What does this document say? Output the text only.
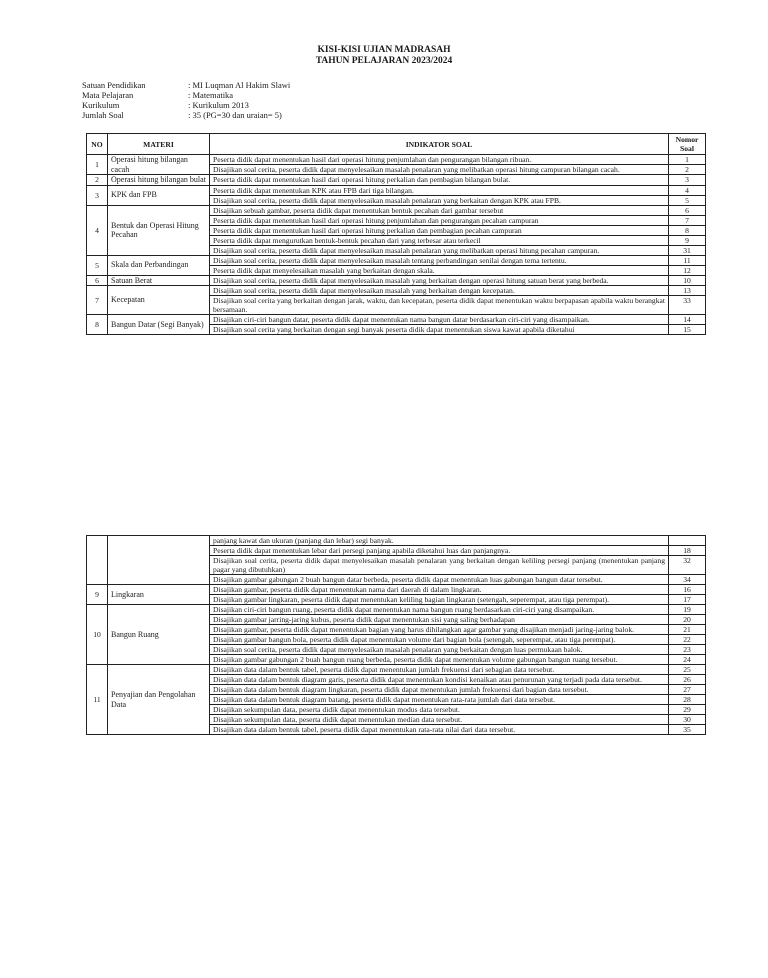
KISI-KISI UJIAN MADRASAH
TAHUN PELAJARAN 2023/2024
Satuan Pendidikan	: MI Luqman Al Hakim Slawi
Mata Pelajaran	: Matematika
Kurikulum	: Kurikulum 2013
Jumlah Soal	: 35 (PG=30 dan uraian= 5)
NO	MATERI	INDIKATOR SOAL	Nomor Soal
1	Operasi hitung bilangan cacah	Peserta didik dapat menentukan hasil dari operasi hitung penjumlahan dan pengurangan bilangan ribuan.	1
		Disajikan soal cerita, peserta didik dapat menyelesaikan masalah penalaran yang melibatkan operasi hitung campuran bilangan cacah.	2
2	Operasi hitung bilangan bulat	Peserta didik dapat menentukan hasil dari operasi hitung perkalian dan pembagian bilangan bulat.	3
3	KPK dan FPB	Peserta didik dapat menentukan KPK atau FPB dari tiga bilangan.	4
		Disajikan soal cerita, peserta didik dapat menyelesaikan masalah penalaran yang berkaitan dengan KPK atau FPB.	5
4	Bentuk dan Operasi Hitung Pecahan	Disajikan sebuah gambar, peserta didik dapat menentukan bentuk pecahan dari gambar tersebut	6
		Peserta didik dapat menentukan hasil dari operasi hitung penjumlahan dan pengurangan pecahan campuran	7
		Peserta didik dapat menentukan hasil dari operasi hitung perkalian dan pembagian pecahan campuran	8
		Peserta didik dapat mengurutkan bentuk-bentuk pecahan dari yang terbesar atau terkecil	9
		Disajikan soal cerita, peserta didik dapat menyelesaikan masalah penalaran yang melibatkan operasi hitung pecahan campuran.	31
5	Skala dan Perbandingan	Disajikan soal cerita, peserta didik dapat menyelesaikan masalah tentang perbandingan senilai dengan tema tertentu.	11
		Peserta didik dapat menyelesaikan masalah yang berkaitan dengan skala.	12
6	Satuan Berat	Disajikan soal cerita, peserta didik dapat menyelesaikan masalah yang berkaitan dengan operasi hitung satuan berat yang berbeda.	10
7	Kecepatan	Disajikan soal cerita, peserta didik dapat menyelesaikan masalah yang berkaitan dengan kecepatan.	13
		Disajikan soal cerita yang berkaitan dengan jarak, waktu, dan kecepatan, peserta didik dapat menentukan waktu berpapasan apabila waktu berangkat bersamaan.	33
8	Bangun Datar (Segi Banyak)	Disajikan ciri-ciri bangun datar, peserta didik dapat menentukan nama bangun datar berdasarkan ciri-ciri yang disampaikan.	14
		Disajikan soal cerita yang berkaitan dengan segi banyak peserta didik dapat menentukan siswa kawat apabila diketahui	15
		panjang kawat dan ukuran (panjang dan lebar) segi banyak.	
		Peserta didik dapat menentukan lebar dari persegi panjang apabila diketahui luas dan panjangnya.	18
		Disajikan soal cerita, peserta didik dapat menyelesaikan masalah penalaran yang berkaitan dengan keliling persegi panjang (menentukan panjang pagar yang dibutuhkan)	32
		Disajikan gambar gabungan 2 buah bangun datar berbeda, peserta didik dapat menentukan luas gabungan bangun datar tersebut.	34
9	Lingkaran	Disajikan gambar, peserta didik dapat menentukan nama dari daerah di dalam lingkaran.	16
		Disajikan gambar lingkaran, peserta didik dapat menentukan keliling bagian lingkaran (setengah, seperempat, atau tiga perempat).	17
10	Bangun Ruang	Disajikan ciri-ciri bangun ruang, peserta didik dapat menentukan nama bangun ruang berdasarkan ciri-ciri yang disampaikan.	19
		Disajikan gambar jarring-jaring kubus, peserta didik dapat menentukan sisi yang saling berhadapan	20
		Disajikan gambar, peserta didik dapat menentukan bagian yang harus dihilangkan agar gambar yang disajikan menjadi jaring-jaring balok.	21
		Disajikan gambar bangun bola, peserta didik dapat menentukan volume dari bagian bola (setengah, seperempat, atau tiga perempat).	22
		Disajikan soal cerita, peserta didik dapat menyelesaikan masalah penalaran yang berkaitan dengan luas permukaan balok.	23
		Disajikan gambar gabungan 2 buah bangun ruang berbeda, peserta didik dapat menentukan volume gabungan bangun ruang tersebut.	24
11	Penyajian dan Pengolahan Data	Disajikan data dalam bentuk tabel, peserta didik dapat menentukan jumlah frekuensi dari sebagian data tersebut.	25
		Disajikan data dalam bentuk diagram garis, peserta didik dapat menentukan kondisi kenaikan atau penurunan yang terjadi pada data tersebut.	26
		Disajikan data dalam bentuk diagram lingkaran, peserta didik dapat menentukan jumlah frekuensi dari bagian data tersebut.	27
		Disajikan data dalam bentuk diagram batang, peserta didik dapat menentukan rata-rata jumlah dari data tersebut.	28
		Disajikan sekumpulan data, peserta didik dapat menentukan modus data tersebut.	29
		Disajikan sekumpulan data, peserta didik dapat menentukan median data tersebut.	30
		Disajikan data dalam bentuk tabel, peserta didik dapat menentukan rata-rata nilai dari data tersebut.	35
